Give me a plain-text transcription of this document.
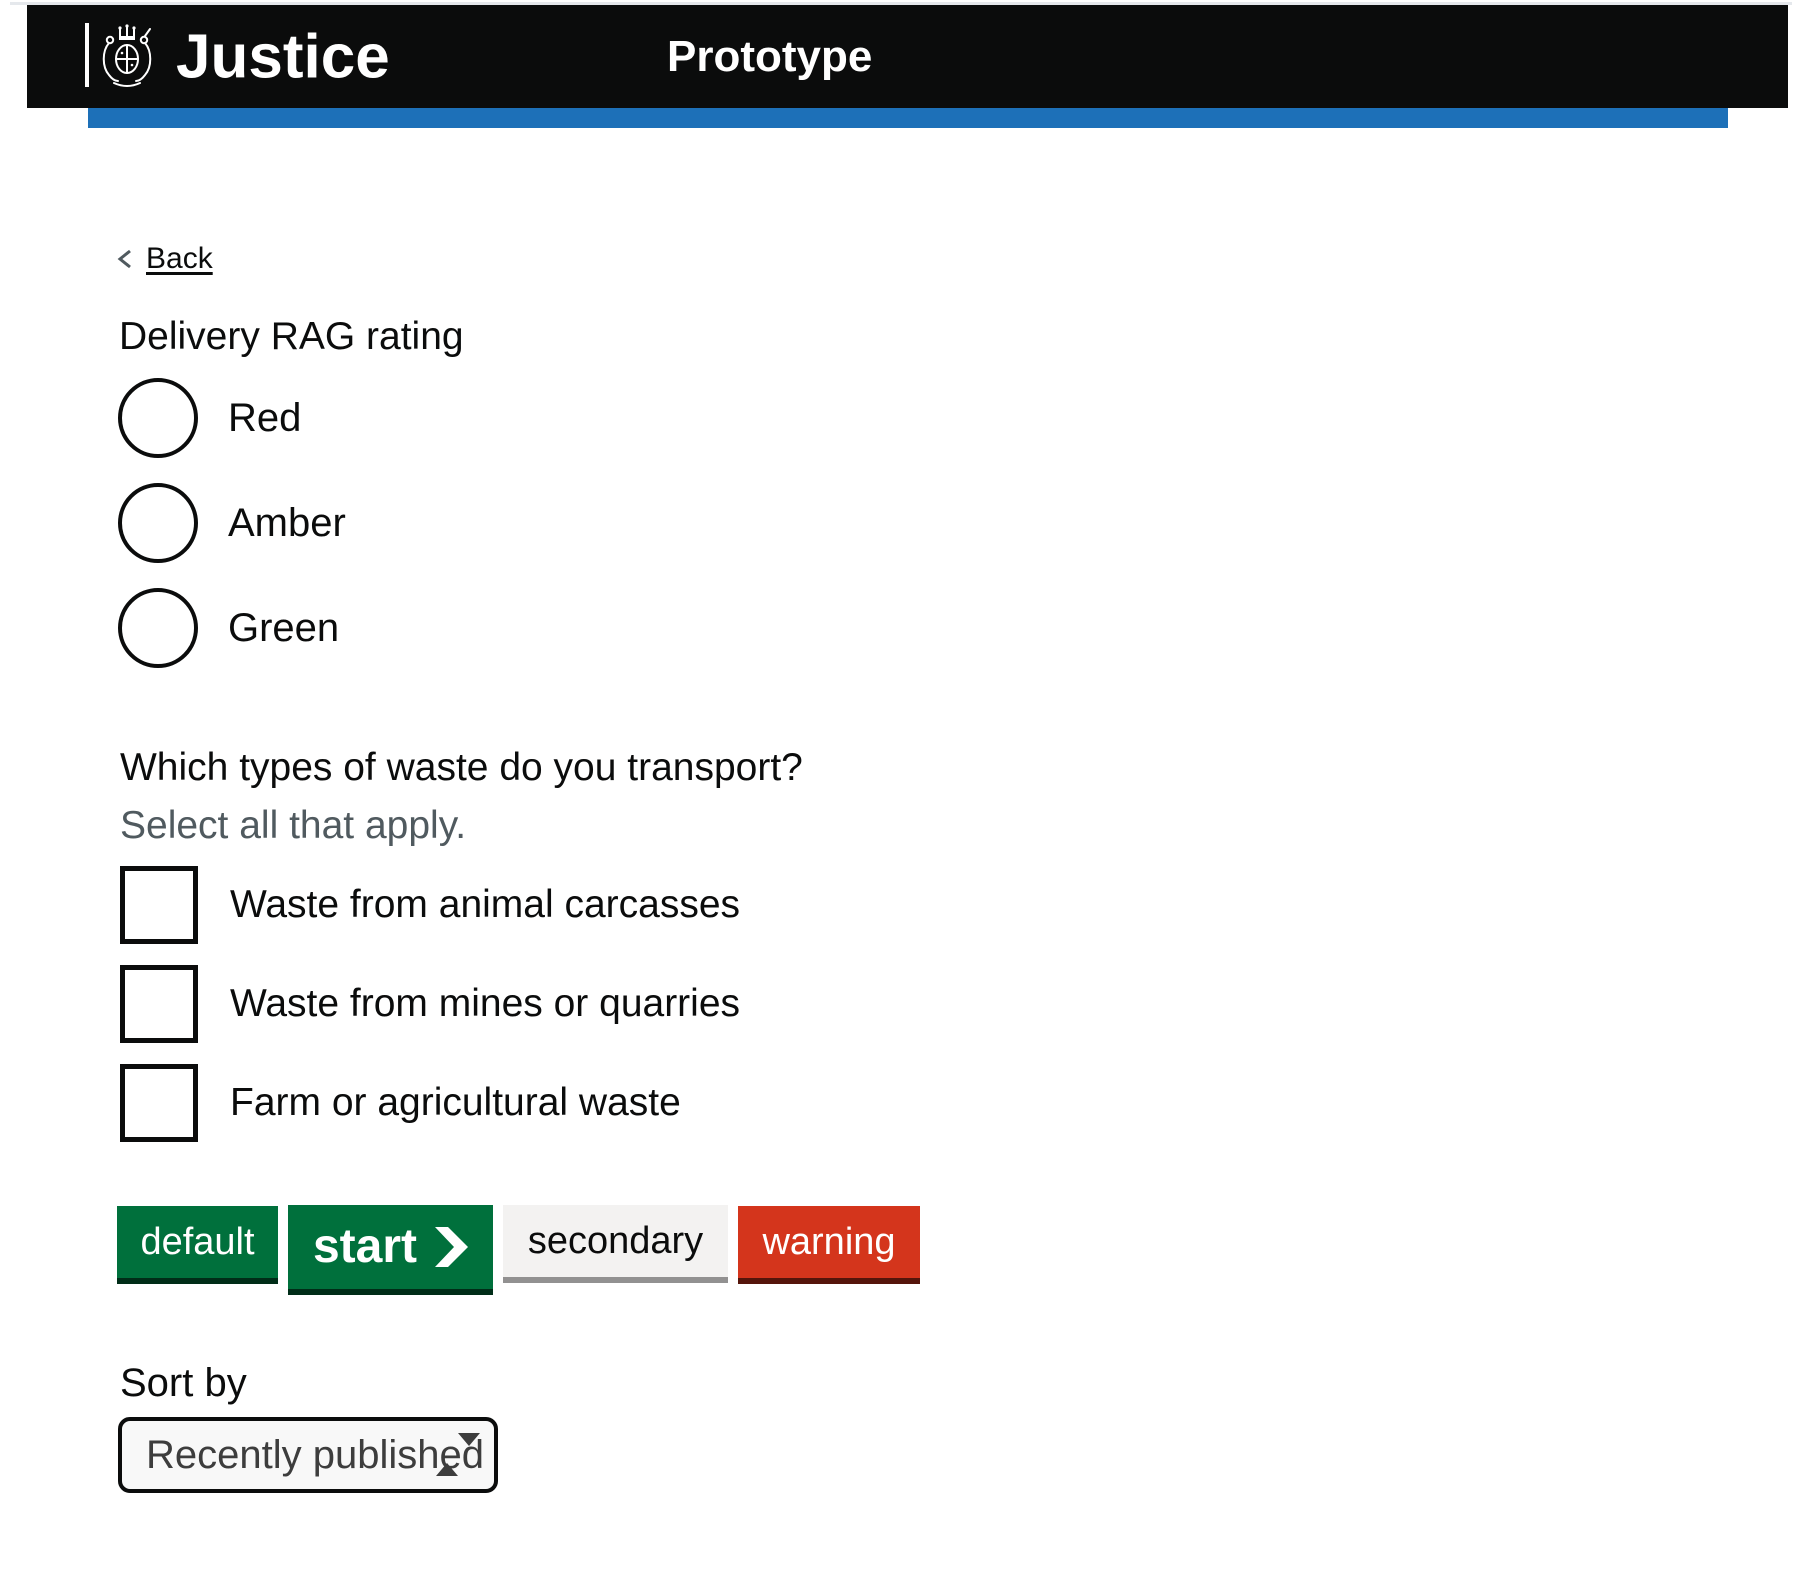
Justice	Prototype
Back
Delivery RAG rating
Red
Amber
Green
Which types of waste do you transport?
Select all that apply.
Waste from animal carcasses
Waste from mines or quarries
Farm or agricultural waste
default start	secondary warning
Sort by
Recently published
